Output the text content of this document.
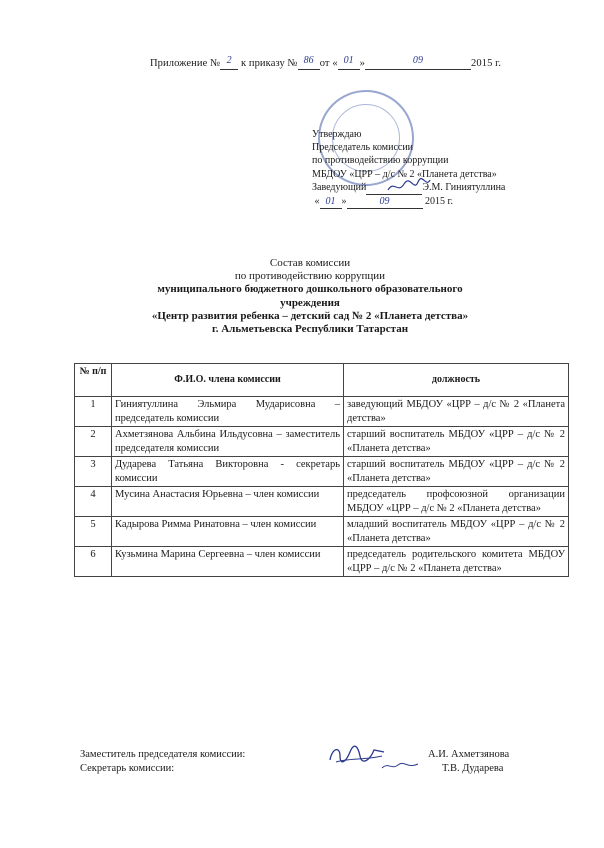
Приложение № 2 к приказу № 86 от « 01 »	09	2015 г.
Утверждаю
Председатель комиссии
по противодействию коррупции
МБДОУ «ЦРР – д/с № 2 «Планета детства»
Заведующий	Э.М. Гиниятуллина
« 01 »	09	2015 г.
Состав комиссии
по противодействию коррупции
муниципального бюджетного дошкольного образовательного
учреждения
«Центр развития ребенка – детский сад № 2 «Планета детства»
г. Альметьевска Республики Татарстан
№ п/п	Ф.И.О. члена комиссии	должность
1	Гиниятуллина Эльмира Мударисовна – председатель комиссии	заведующий МБДОУ «ЦРР – д/с № 2 «Планета детства»
2	Ахметзянова Альбина Ильдусовна – заместитель председателя комиссии	старший воспитатель МБДОУ «ЦРР – д/с № 2 «Планета детства»
3	Дударева Татьяна Викторовна - секретарь комиссии	старший воспитатель МБДОУ «ЦРР – д/с № 2 «Планета детства»
4	Мусина Анастасия Юрьевна – член комиссии	председатель профсоюзной организации МБДОУ «ЦРР – д/с № 2 «Планета детства»
5	Кадырова Римма Ринатовна – член комиссии	младший воспитатель МБДОУ «ЦРР – д/с № 2 «Планета детства»
6	Кузьмина Марина Сергеевна – член комиссии	председатель родительского комитета МБДОУ «ЦРР – д/с № 2 «Планета детства»
Заместитель председателя комиссии:	А.И. Ахметзянова
Секретарь комиссии:	Т.В. Дударева
